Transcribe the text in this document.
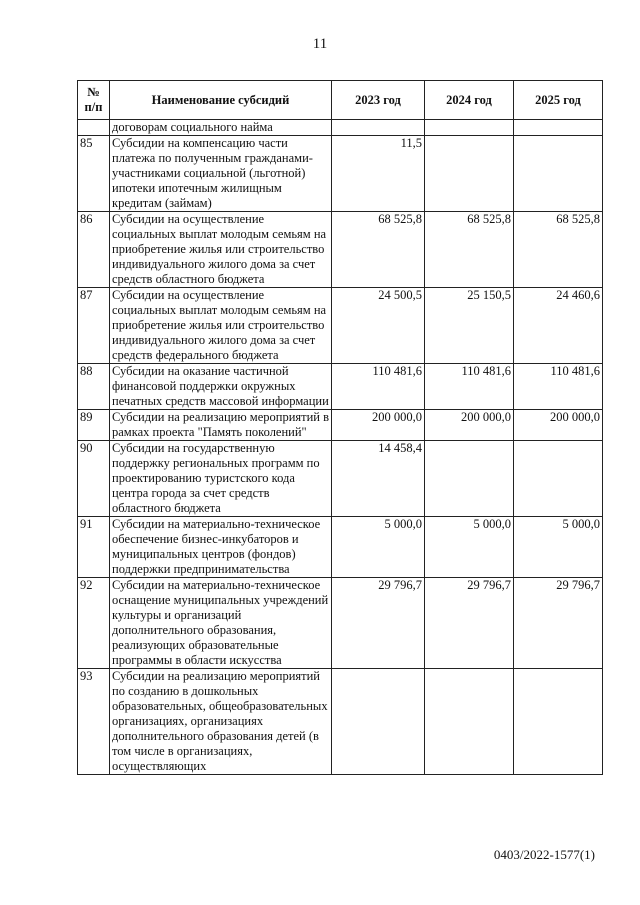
11
№
п/п	Наименование субсидий	2023 год	2024 год	2025 год
	договорам социального найма			
85	Субсидии на компенсацию части платежа по полученным гражданами-участниками социальной (льготной) ипотеки ипотечным жилищным кредитам (займам)	11,5		
86	Субсидии на осуществление социальных выплат молодым семьям на приобретение жилья или строительство индивидуального жилого дома за счет средств областного бюджета	68 525,8	68 525,8	68 525,8
87	Субсидии на осуществление социальных выплат молодым семьям на приобретение жилья или строительство индивидуального жилого дома за счет средств федерального бюджета	24 500,5	25 150,5	24 460,6
88	Субсидии на оказание частичной финансовой поддержки окружных печатных средств массовой информации	110 481,6	110 481,6	110 481,6
89	Субсидии на реализацию мероприятий в рамках проекта "Память поколений"	200 000,0	200 000,0	200 000,0
90	Субсидии на государственную поддержку региональных программ по проектированию туристского кода центра города за счет средств областного бюджета	14 458,4		
91	Субсидии на материально-техническое обеспечение бизнес-инкубаторов и муниципальных центров (фондов) поддержки предпринимательства	5 000,0	5 000,0	5 000,0
92	Субсидии на материально-техническое оснащение муниципальных учреждений культуры и организаций дополнительного образования, реализующих образовательные программы в области искусства	29 796,7	29 796,7	29 796,7
93	Субсидии на реализацию мероприятий по созданию в дошкольных образовательных, общеобразовательных организациях, организациях дополнительного образования детей (в том числе в организациях, осуществляющих			
0403/2022-1577(1)
